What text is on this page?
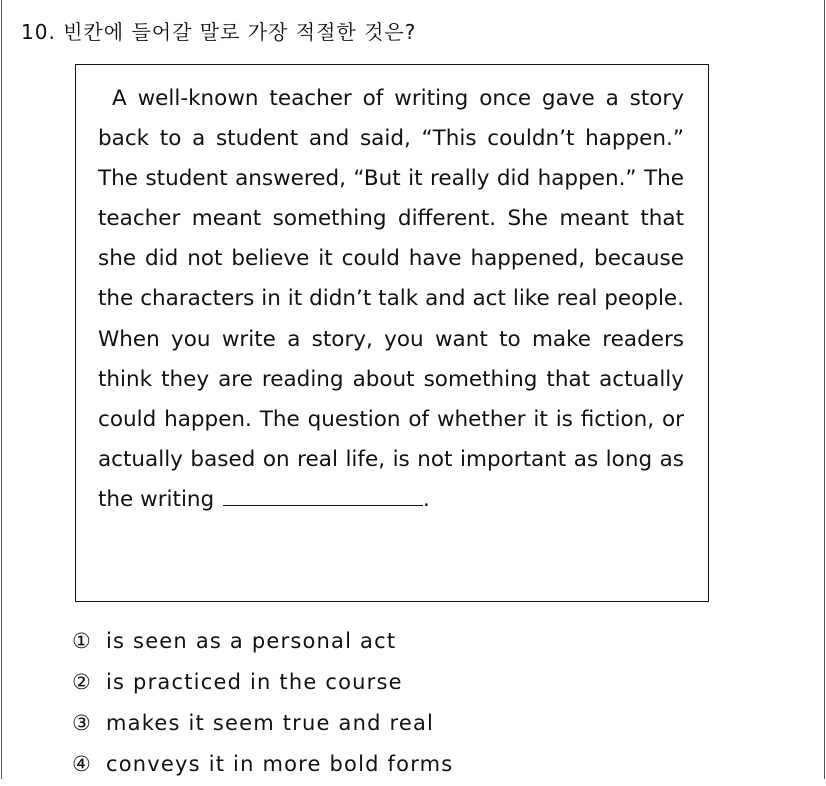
10. 빈칸에 들어갈 말로 가장 적절한 것은?

A well-known teacher of writing once gave a story back to a student and said, “This couldn’t happen.” The student answered, “But it really did happen.” The teacher meant something different. She meant that she did not believe it could have happened, because the characters in it didn’t talk and act like real people. When you write a story, you want to make readers think they are reading about something that actually could happen. The question of whether it is fiction, or actually based on real life, is not important as long as the writing	.

① is seen as a personal act
② is practiced in the course
③ makes it seem true and real
④ conveys it in more bold forms
